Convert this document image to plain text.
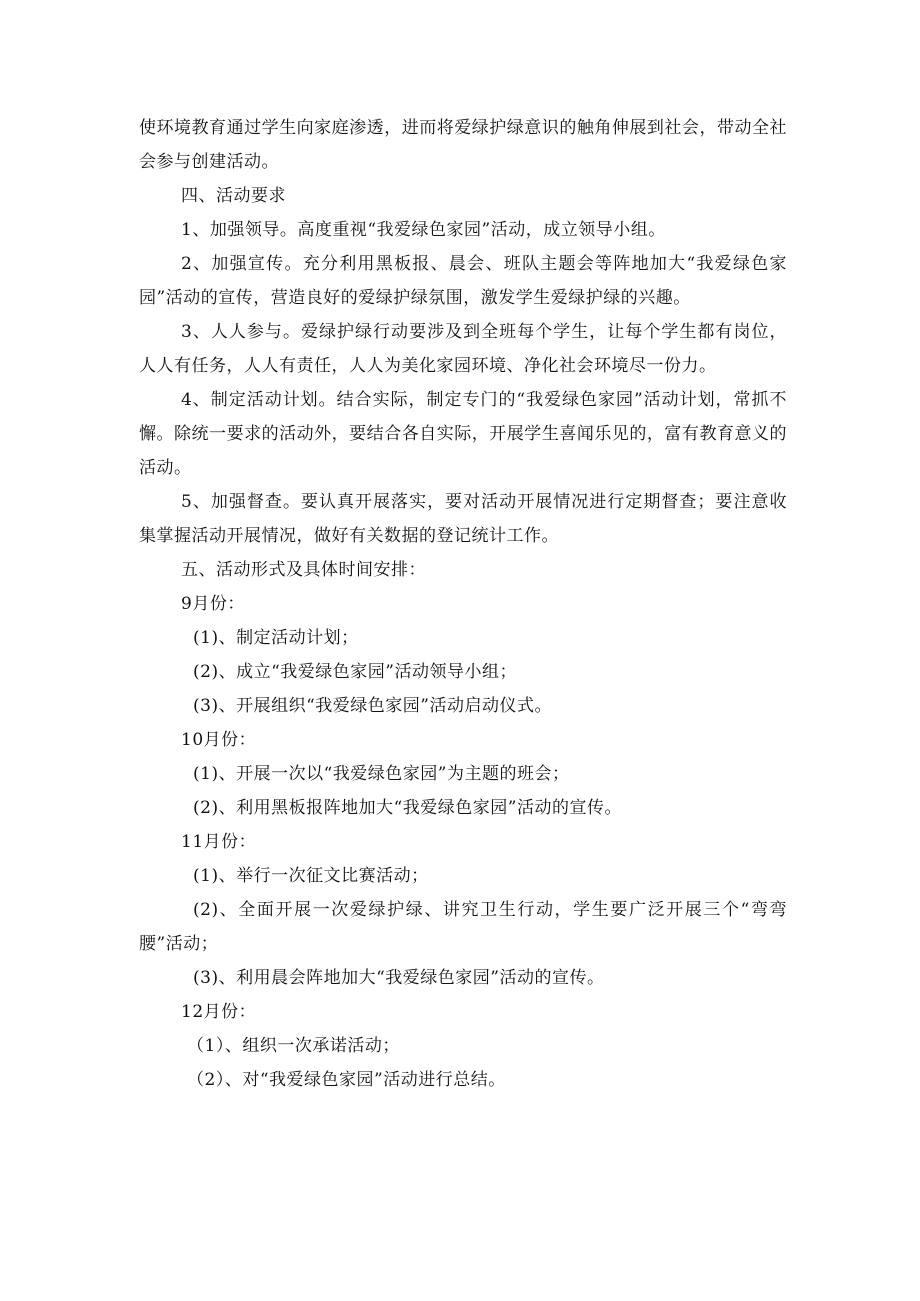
使环境教育通过学生向家庭渗透，进而将爱绿护绿意识的触角伸展到社会，带动全社会参与创建活动。

四、活动要求

1、加强领导。高度重视“我爱绿色家园”活动，成立领导小组。

2、加强宣传。充分利用黑板报、晨会、班队主题会等阵地加大“我爱绿色家园”活动的宣传，营造良好的爱绿护绿氛围，激发学生爱绿护绿的兴趣。

3、人人参与。爱绿护绿行动要涉及到全班每个学生，让每个学生都有岗位，人人有任务，人人有责任，人人为美化家园环境、净化社会环境尽一份力。

4、制定活动计划。结合实际，制定专门的“我爱绿色家园”活动计划，常抓不懈。除统一要求的活动外，要结合各自实际，开展学生喜闻乐见的，富有教育意义的活动。

5、加强督查。要认真开展落实，要对活动开展情况进行定期督查；要注意收集掌握活动开展情况，做好有关数据的登记统计工作。

五、活动形式及具体时间安排：

9月份：

(1)、制定活动计划；

(2)、成立“我爱绿色家园”活动领导小组；

(3)、开展组织“我爱绿色家园”活动启动仪式。

10月份：

(1)、开展一次以“我爱绿色家园”为主题的班会；

(2)、利用黑板报阵地加大“我爱绿色家园”活动的宣传。

11月份：

(1)、举行一次征文比赛活动；

(2)、全面开展一次爱绿护绿、讲究卫生行动，学生要广泛开展三个“弯弯腰”活动；

(3)、利用晨会阵地加大“我爱绿色家园”活动的宣传。

12月份：

（1）、组织一次承诺活动；

（2）、对“我爱绿色家园”活动进行总结。
